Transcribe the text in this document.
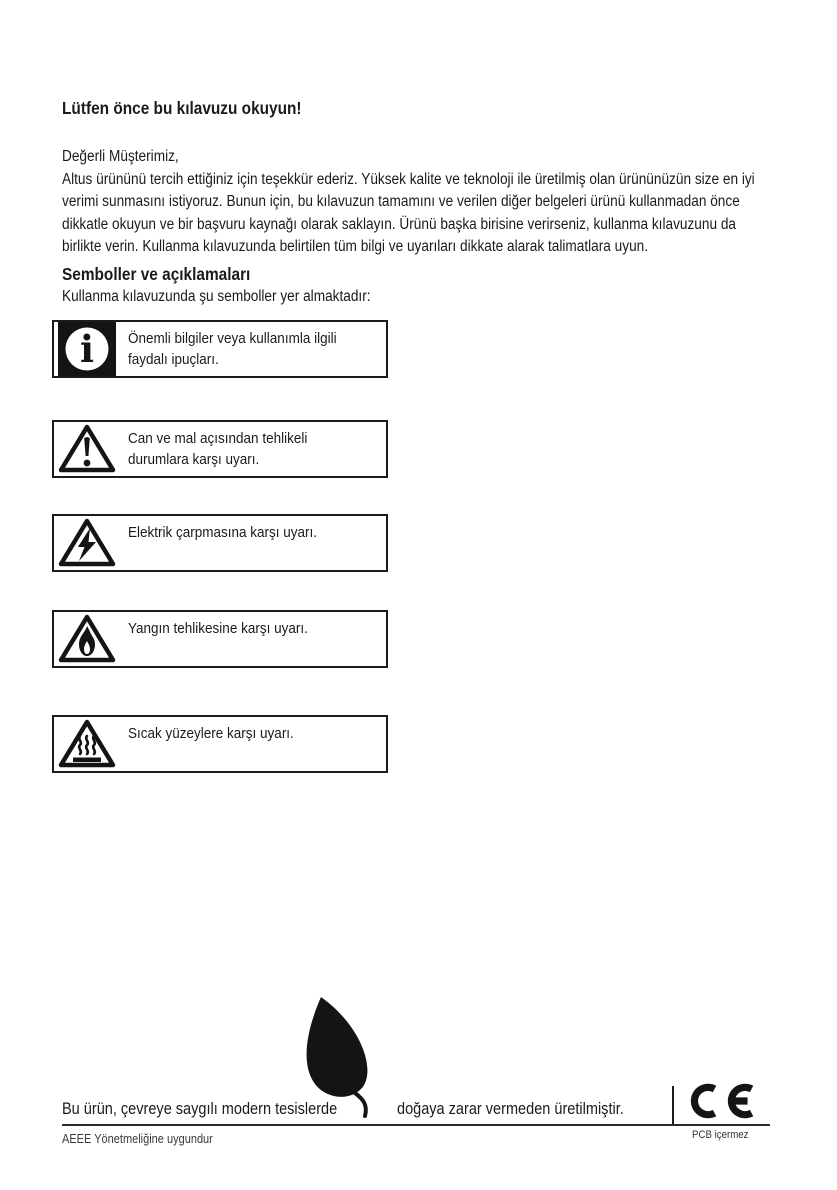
Lütfen önce bu kılavuzu okuyun!
Değerli Müşterimiz,
Altus ürününü tercih ettiğiniz için teşekkür ederiz. Yüksek kalite ve teknoloji ile üretilmiş olan ürününüzün size en iyi
verimi sunmasını istiyoruz. Bunun için, bu kılavuzun tamamını ve verilen diğer belgeleri ürünü kullanmadan önce
dikkatle okuyun ve bir başvuru kaynağı olarak saklayın. Ürünü başka birisine verirseniz, kullanma kılavuzunu da
birlikte verin. Kullanma kılavuzunda belirtilen tüm bilgi ve uyarıları dikkate alarak talimatlara uyun.
Semboller ve açıklamaları
Kullanma kılavuzunda şu semboller yer almaktadır:
i Önemli bilgiler veya kullanımla ilgili
faydalı ipuçları.
Can ve mal açısından tehlikeli
durumlara karşı uyarı.
Elektrik çarpmasına karşı uyarı.
Yangın tehlikesine karşı uyarı.
Sıcak yüzeylere karşı uyarı.
Bu ürün, çevreye saygılı modern tesislerde	doğaya zarar vermeden üretilmiştir.
PCB içermez
AEEE Yönetmeliğine uygundur
